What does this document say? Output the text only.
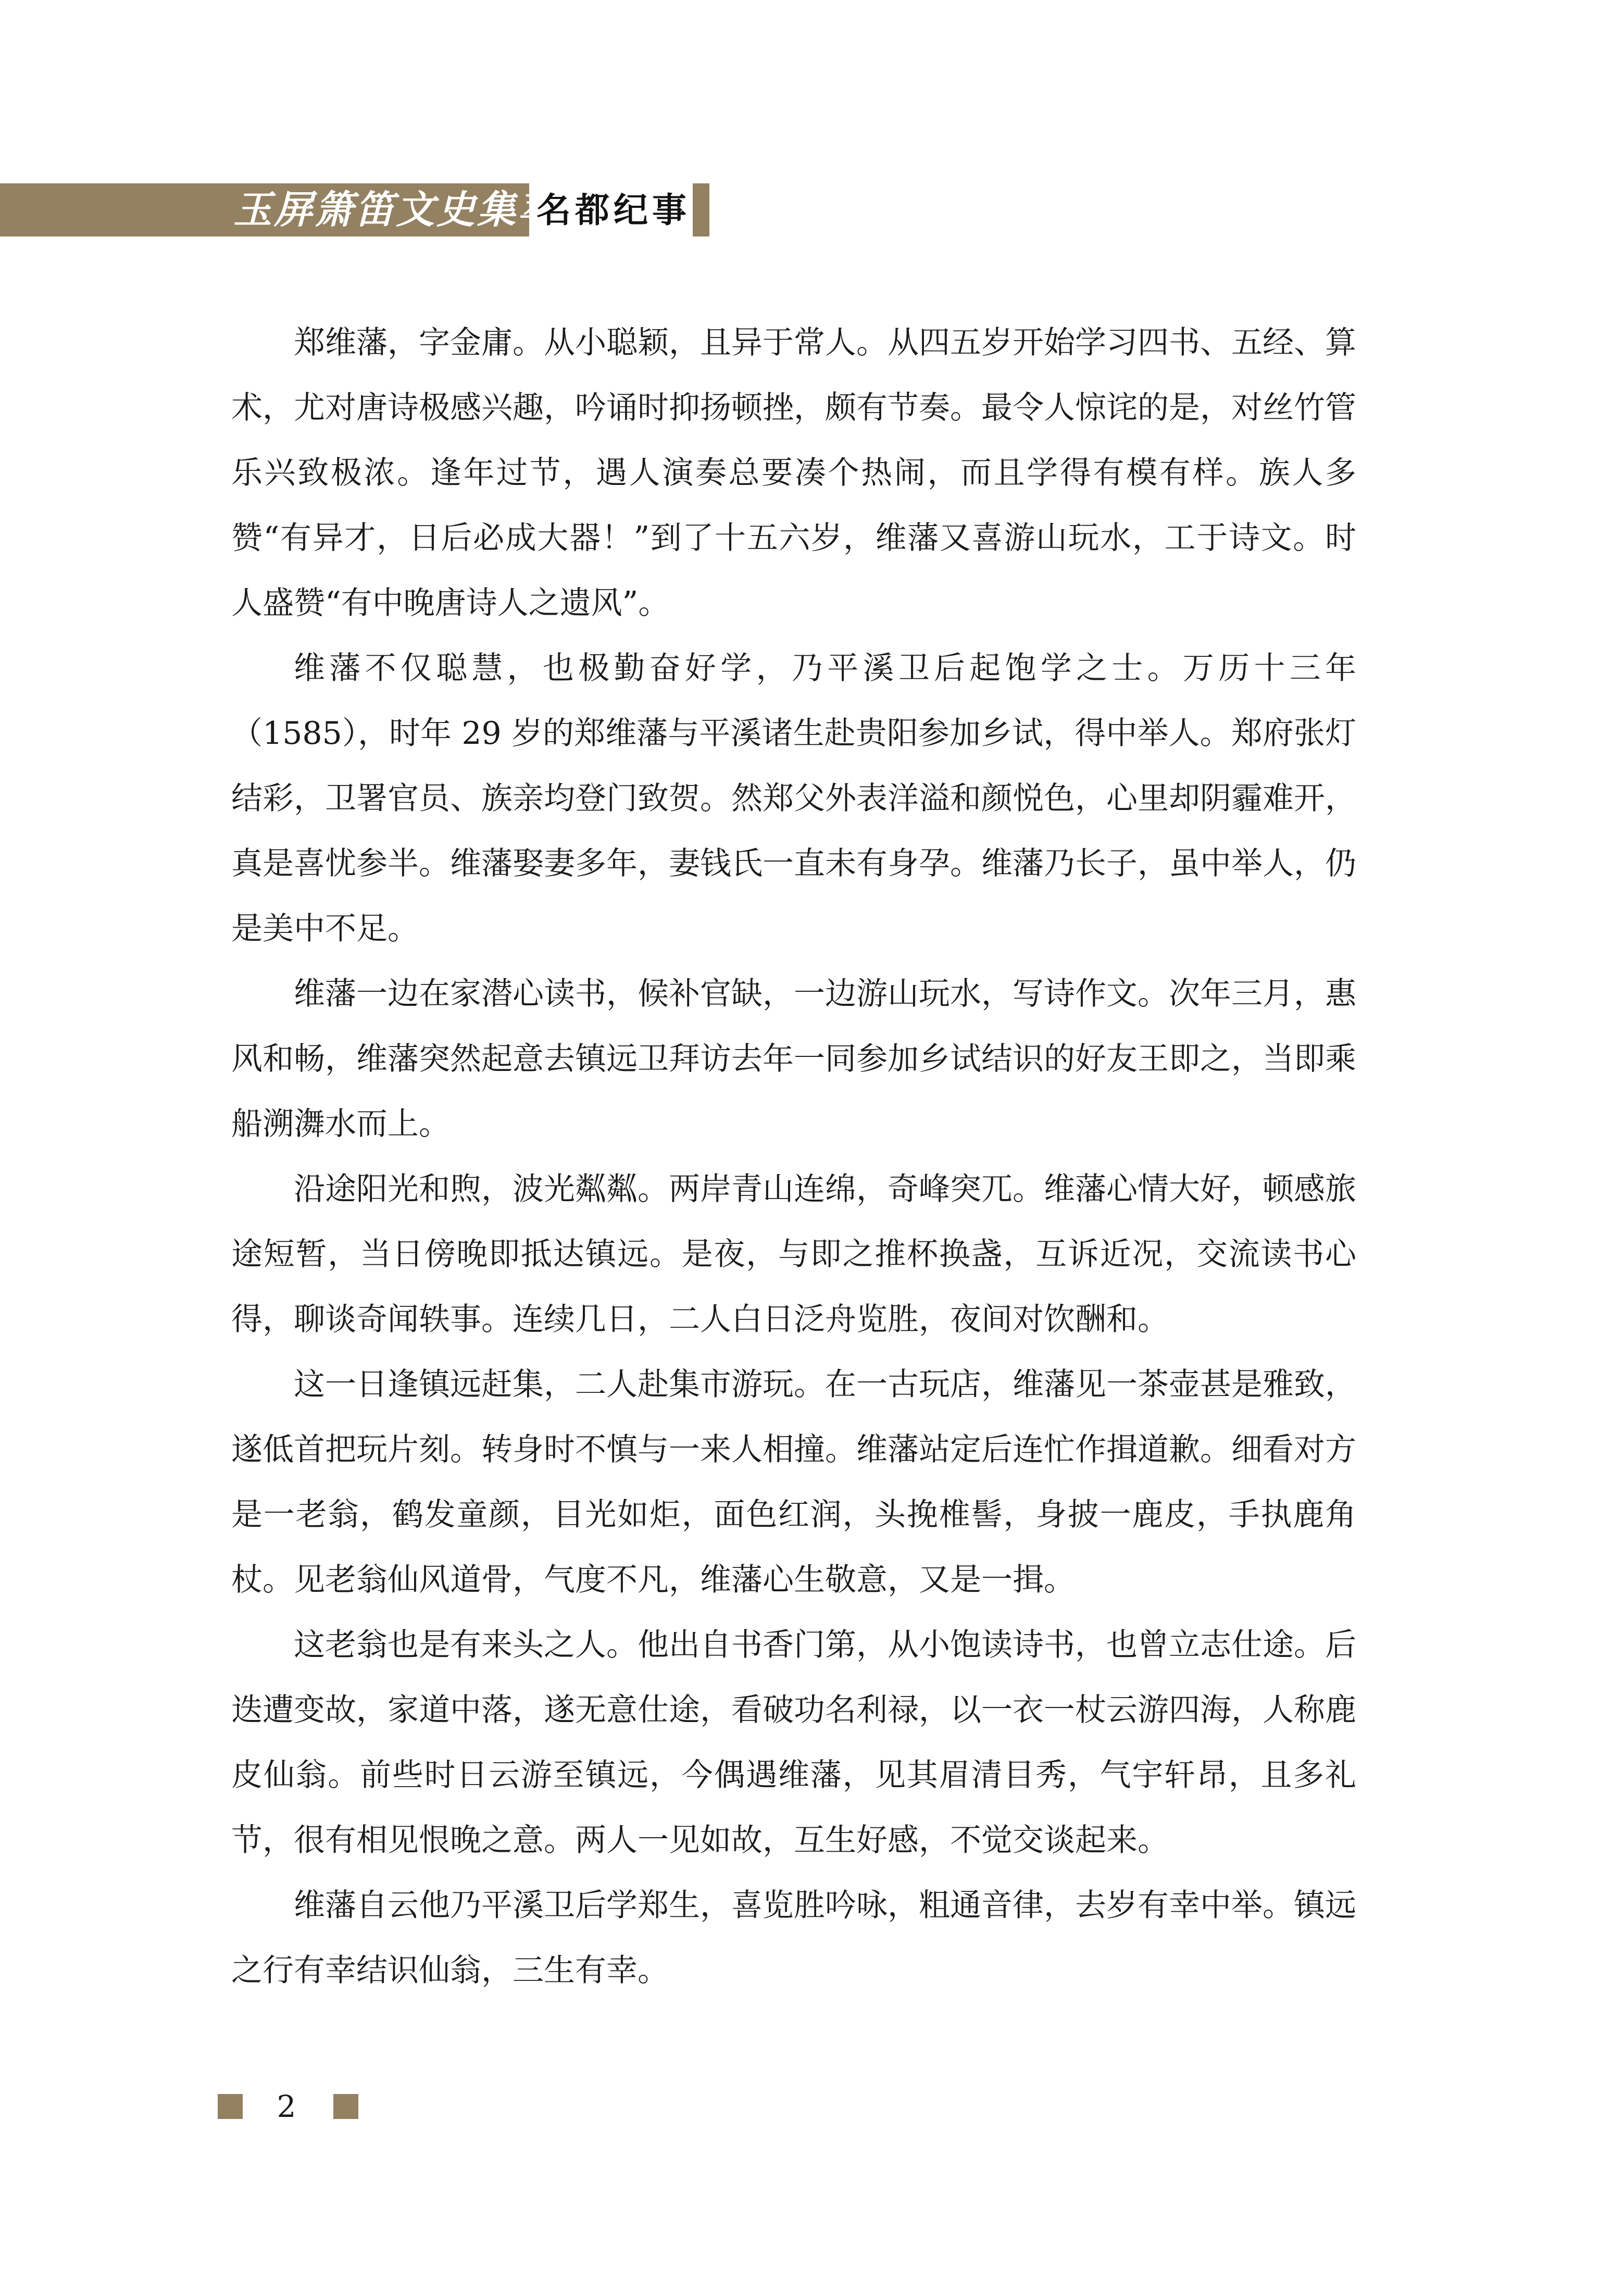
玉屏箫笛文史集萃
名都纪事

郑维藩，字金庸。从小聪颖，且异于常人。从四五岁开始学习四书、五经、算术，尤对唐诗极感兴趣，吟诵时抑扬顿挫，颇有节奏。最令人惊诧的是，对丝竹管乐兴致极浓。逢年过节，遇人演奏总要凑个热闹，而且学得有模有样。族人多赞“有异才，日后必成大器！”到了十五六岁，维藩又喜游山玩水，工于诗文。时人盛赞“有中晚唐诗人之遗风”。

维藩不仅聪慧，也极勤奋好学，乃平溪卫后起饱学之士。万历十三年（1585），时年 29 岁的郑维藩与平溪诸生赴贵阳参加乡试，得中举人。郑府张灯结彩，卫署官员、族亲均登门致贺。然郑父外表洋溢和颜悦色，心里却阴霾难开，真是喜忧参半。维藩娶妻多年，妻钱氏一直未有身孕。维藩乃长子，虽中举人，仍是美中不足。

维藩一边在家潜心读书，候补官缺，一边游山玩水，写诗作文。次年三月，惠风和畅，维藩突然起意去镇远卫拜访去年一同参加乡试结识的好友王即之，当即乘船溯㵲水而上。

沿途阳光和煦，波光粼粼。两岸青山连绵，奇峰突兀。维藩心情大好，顿感旅途短暂，当日傍晚即抵达镇远。是夜，与即之推杯换盏，互诉近况，交流读书心得，聊谈奇闻轶事。连续几日，二人白日泛舟览胜，夜间对饮酬和。

这一日逢镇远赶集，二人赴集市游玩。在一古玩店，维藩见一茶壶甚是雅致，遂低首把玩片刻。转身时不慎与一来人相撞。维藩站定后连忙作揖道歉。细看对方是一老翁，鹤发童颜，目光如炬，面色红润，头挽椎髻，身披一鹿皮，手执鹿角杖。见老翁仙风道骨，气度不凡，维藩心生敬意，又是一揖。

这老翁也是有来头之人。他出自书香门第，从小饱读诗书，也曾立志仕途。后迭遭变故，家道中落，遂无意仕途，看破功名利禄，以一衣一杖云游四海，人称鹿皮仙翁。前些时日云游至镇远，今偶遇维藩，见其眉清目秀，气宇轩昂，且多礼节，很有相见恨晚之意。两人一见如故，互生好感，不觉交谈起来。

维藩自云他乃平溪卫后学郑生，喜览胜吟咏，粗通音律，去岁有幸中举。镇远之行有幸结识仙翁，三生有幸。

2
